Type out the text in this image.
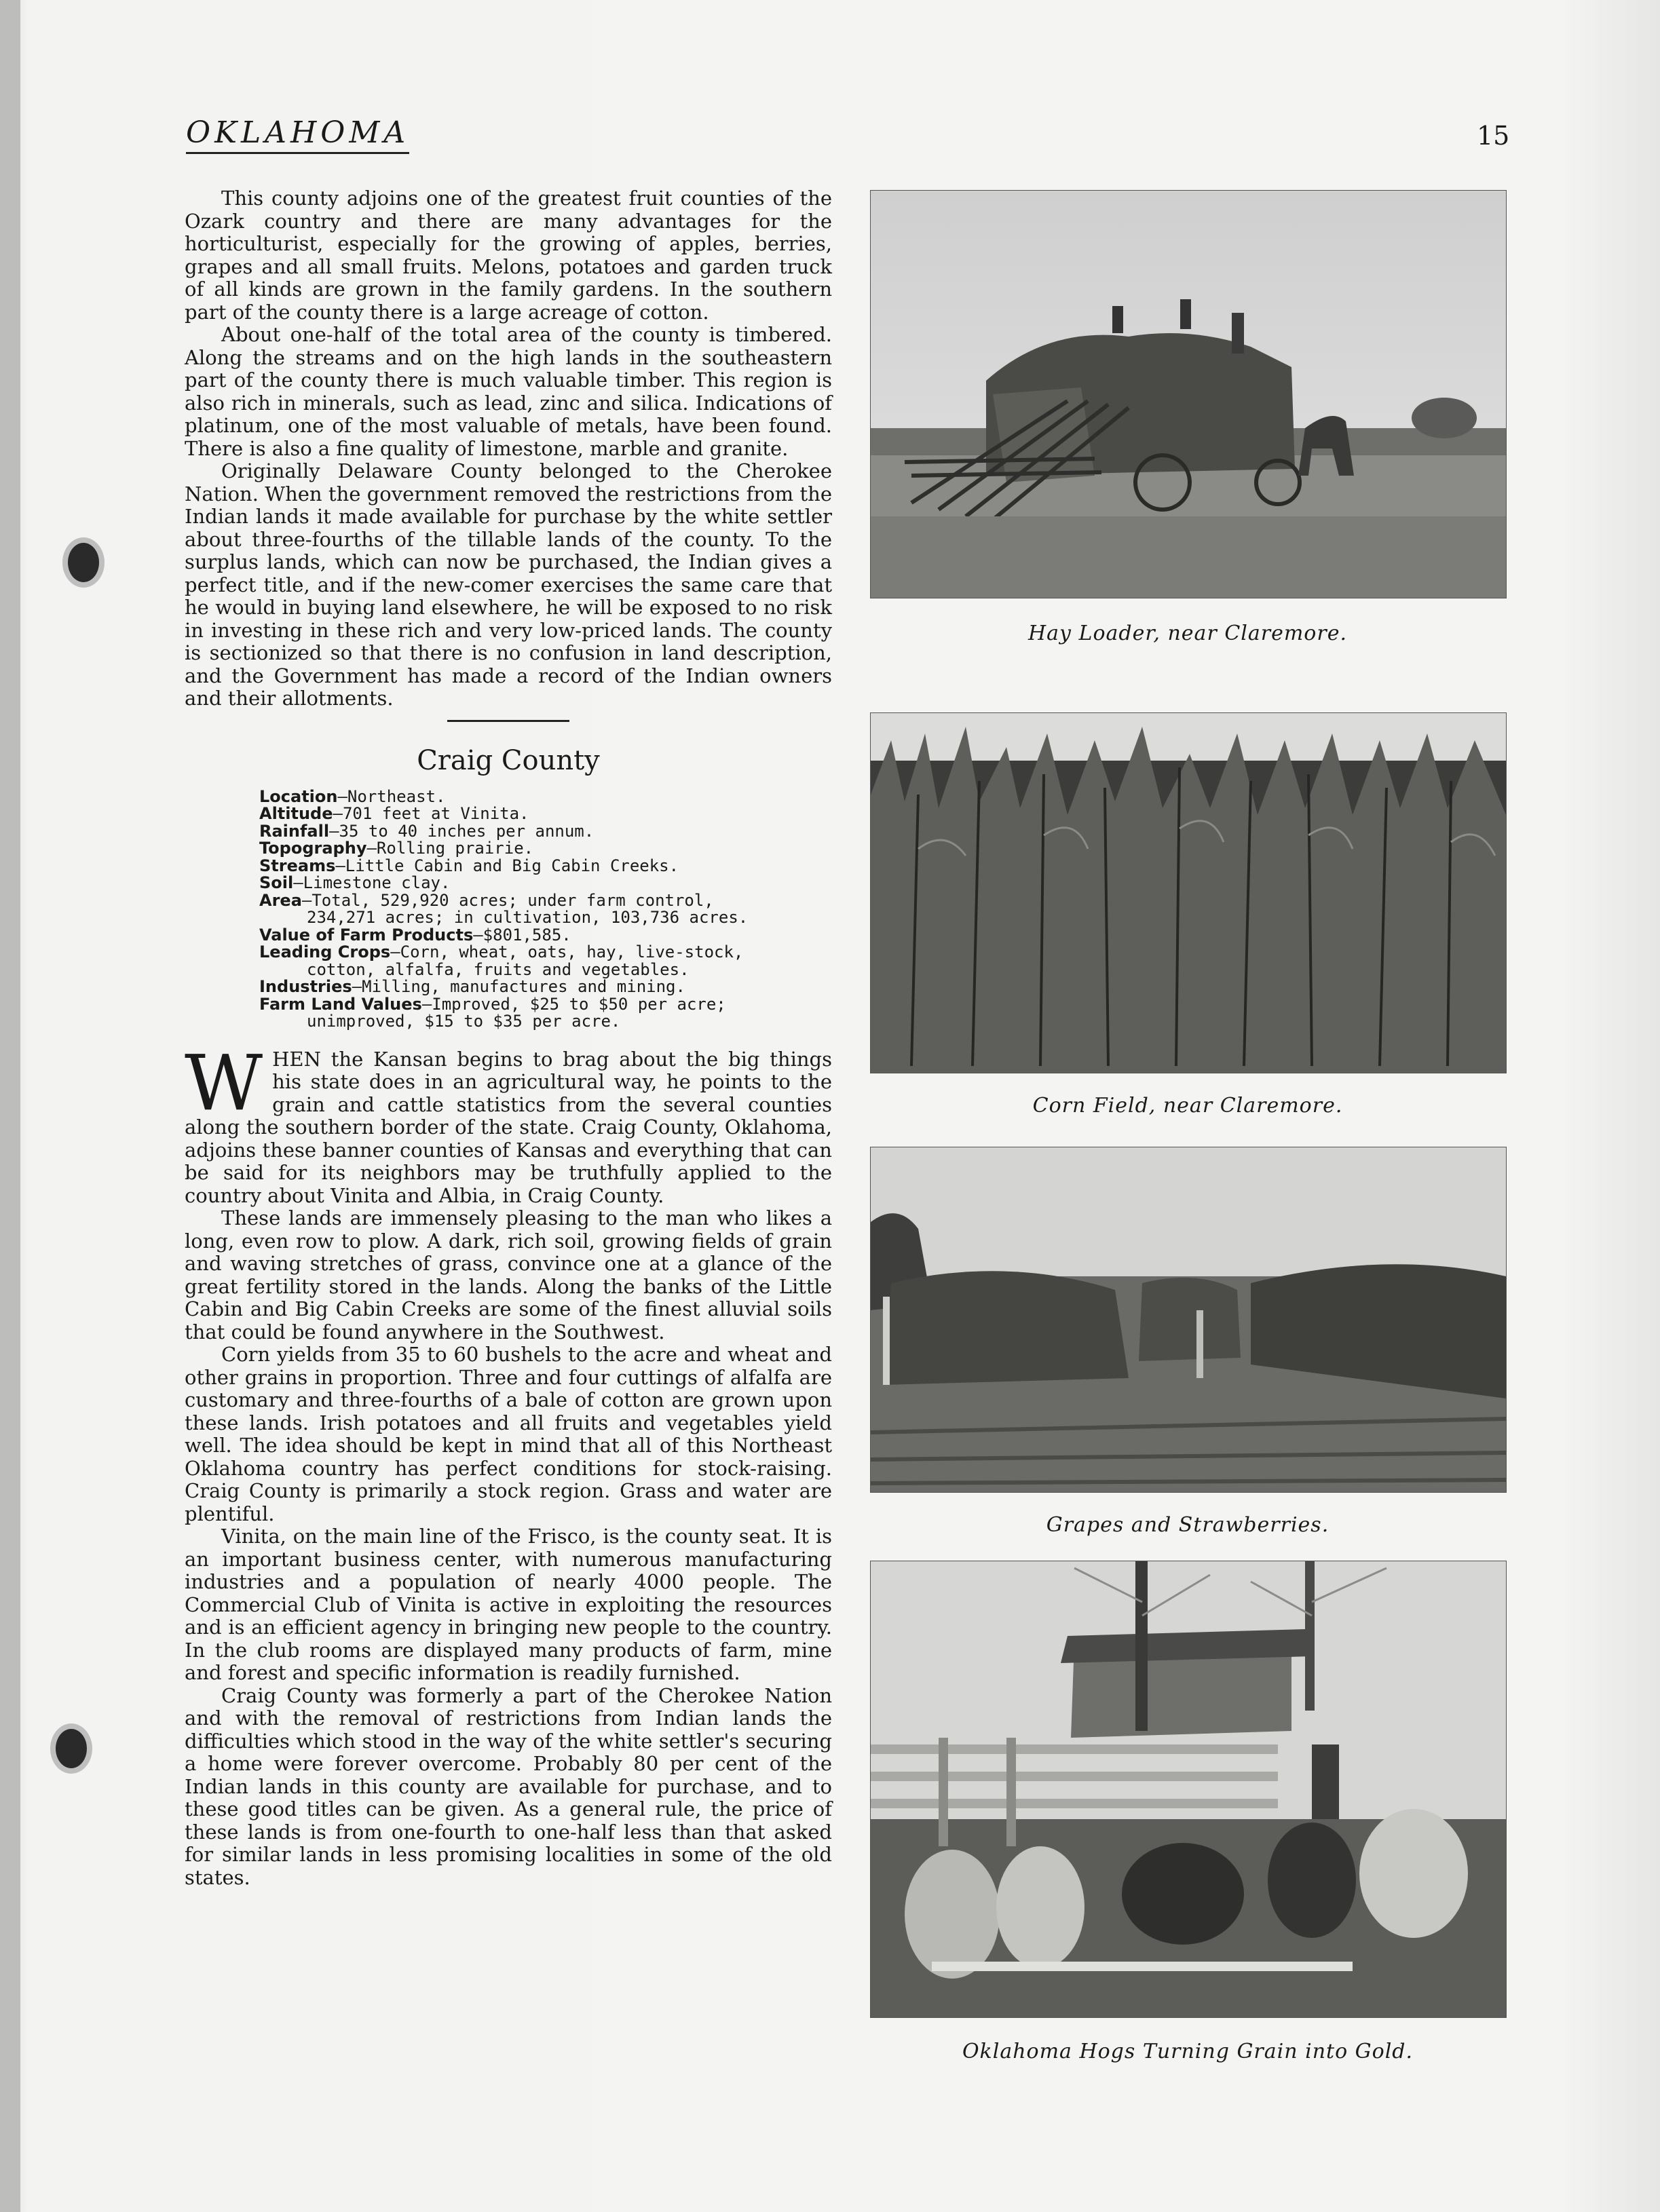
OKLAHOMA	15

This county adjoins one of the greatest fruit counties of the Ozark country and there are many advantages for the horticulturist, especially for the growing of apples, berries, grapes and all small fruits. Melons, potatoes and garden truck of all kinds are grown in the family gardens. In the southern part of the county there is a large acreage of cotton.

About one-half of the total area of the county is timbered. Along the streams and on the high lands in the southeastern part of the county there is much valuable timber. This region is also rich in minerals, such as lead, zinc and silica. Indications of platinum, one of the most valuable of metals, have been found. There is also a fine quality of limestone, marble and granite.

Originally Delaware County belonged to the Cherokee Nation. When the government removed the restrictions from the Indian lands it made available for purchase by the white settler about three-fourths of the tillable lands of the county. To the surplus lands, which can now be purchased, the Indian gives a perfect title, and if the new-comer exercises the same care that he would in buying land elsewhere, he will be exposed to no risk in investing in these rich and very low-priced lands. The county is sectionized so that there is no confusion in land description, and the Government has made a record of the Indian owners and their allotments.

Craig County
Location—Northeast.
Altitude—701 feet at Vinita.
Rainfall—35 to 40 inches per annum.
Topography—Rolling prairie.
Streams—Little Cabin and Big Cabin Creeks.
Soil—Limestone clay.
Area—Total, 529,920 acres; under farm control, 234,271 acres; in cultivation, 103,736 acres.
Value of Farm Products—$801,585.
Leading Crops—Corn, wheat, oats, hay, live-stock, cotton, alfalfa, fruits and vegetables.
Industries—Milling, manufactures and mining.
Farm Land Values—Improved, $25 to $50 per acre; unimproved, $15 to $35 per acre.

WHEN the Kansan begins to brag about the big things his state does in an agricultural way, he points to the grain and cattle statistics from the several counties along the southern border of the state. Craig County, Oklahoma, adjoins these banner counties of Kansas and everything that can be said for its neighbors may be truthfully applied to the country about Vinita and Albia, in Craig County.

These lands are immensely pleasing to the man who likes a long, even row to plow. A dark, rich soil, growing fields of grain and waving stretches of grass, convince one at a glance of the great fertility stored in the lands. Along the banks of the Little Cabin and Big Cabin Creeks are some of the finest alluvial soils that could be found anywhere in the Southwest.

Corn yields from 35 to 60 bushels to the acre and wheat and other grains in proportion. Three and four cuttings of alfalfa are customary and three-fourths of a bale of cotton are grown upon these lands. Irish potatoes and all fruits and vegetables yield well. The idea should be kept in mind that all of this Northeast Oklahoma country has perfect conditions for stock-raising. Craig County is primarily a stock region. Grass and water are plentiful.

Vinita, on the main line of the Frisco, is the county seat. It is an important business center, with numerous manufacturing industries and a population of nearly 4000 people. The Commercial Club of Vinita is active in exploiting the resources and is an efficient agency in bringing new people to the country. In the club rooms are displayed many products of farm, mine and forest and specific information is readily furnished.

Craig County was formerly a part of the Cherokee Nation and with the removal of restrictions from Indian lands the difficulties which stood in the way of the white settler's securing a home were forever overcome. Probably 80 per cent of the Indian lands in this county are available for purchase, and to these good titles can be given. As a general rule, the price of these lands is from one-fourth to one-half less than that asked for similar lands in less promising localities in some of the old states.

Hay Loader, near Claremore.
Corn Field, near Claremore.
Grapes and Strawberries.
Oklahoma Hogs Turning Grain into Gold.
